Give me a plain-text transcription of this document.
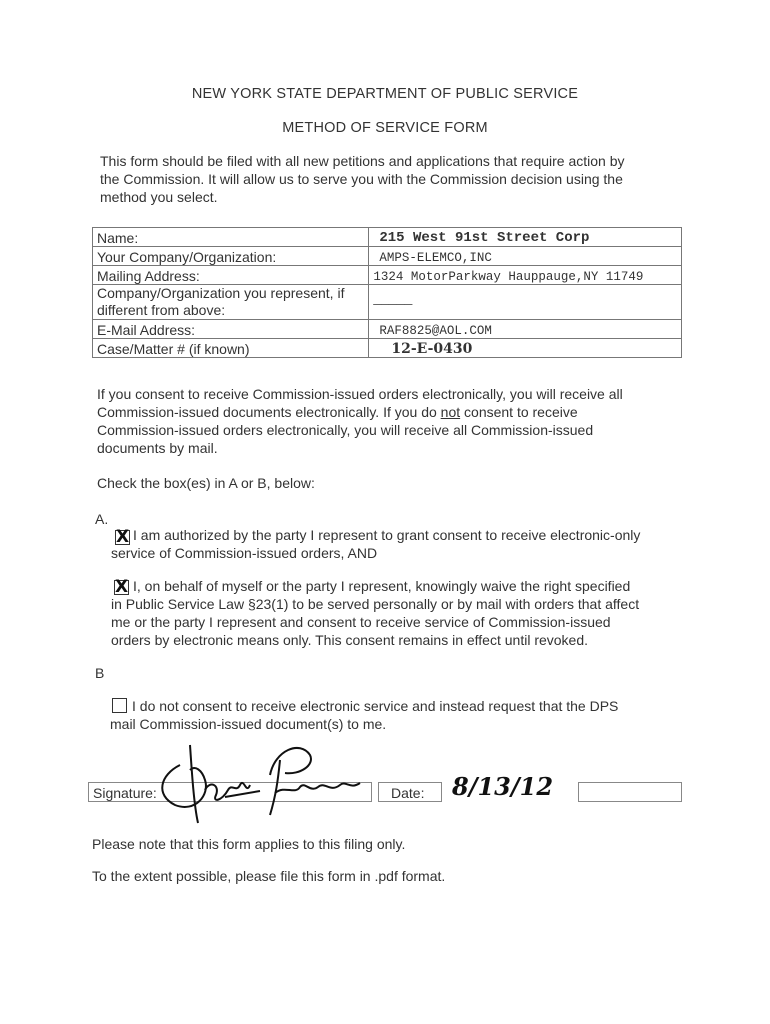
NEW YORK STATE DEPARTMENT OF PUBLIC SERVICE
METHOD OF SERVICE FORM
This form should be filed with all new petitions and applications that require action by
the Commission. It will allow us to serve you with the Commission decision using the
method you select.
Name:	215 West 91st Street Corp
Your Company/Organization:	AMPS-ELEMCO,INC
Mailing Address:	1324 MotorParkway Hauppauge,NY 11749

Company/Organization you represent, if
different from above:	_____
E-Mail Address:	RAF8825@AOL.COM
Case/Matter # (if known)	12-E-0430
If you consent to receive Commission-issued orders electronically, you will receive all
Commission-issued documents electronically. If you do not consent to receive
Commission-issued orders electronically, you will receive all Commission-issued
documents by mail.
Check the box(es) in A or B, below:
A.
X I am authorized by the party I represent to grant consent to receive electronic-only
service of Commission-issued orders, AND
X I, on behalf of myself or the party I represent, knowingly waive the right specified
in Public Service Law §23(1) to be served personally or by mail with orders that affect
me or the party I represent and consent to receive service of Commission-issued
orders by electronic means only. This consent remains in effect until revoked.
B
I do not consent to receive electronic service and instead request that the DPS
mail Commission-issued document(s) to me.
Signature:	Date: 8/13/12
Please note that this form applies to this filing only.
To the extent possible, please file this form in .pdf format.
